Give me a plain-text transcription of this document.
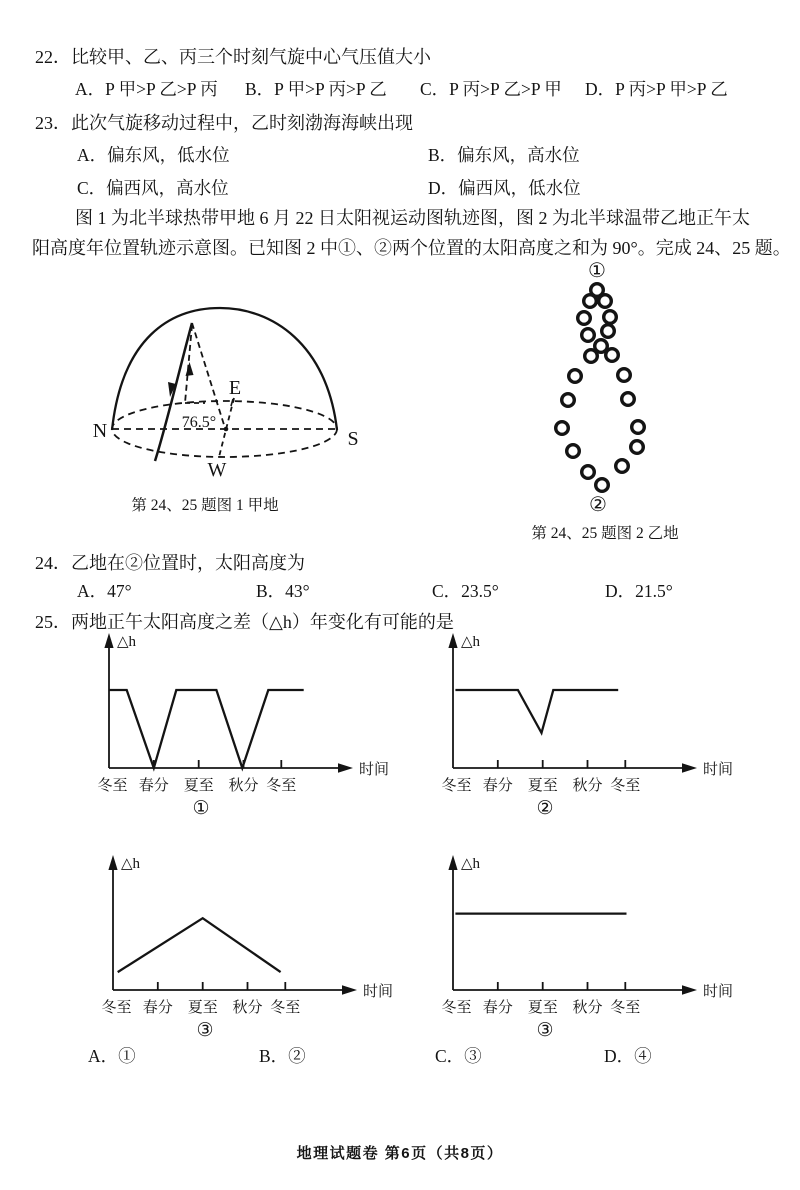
22．比较甲、乙、丙三个时刻气旋中心气压值大小
A．P 甲>P 乙>P 丙 B．P 甲>P 丙>P 乙 C．P 丙>P 乙>P 甲 D．P 丙>P 甲>P 乙
23．此次气旋移动过程中，乙时刻渤海海峡出现
A．偏东风，低水位	B．偏东风，高水位
C．偏西风，高水位	D．偏西风，低水位
图 1 为北半球热带甲地 6 月 22 日太阳视运动图轨迹图，图 2 为北半球温带乙地正午太
阳高度年位置轨迹示意图。已知图 2 中①、②两个位置的太阳高度之和为 90°。完成 24、25 题。
N	S
E
W
76.5°
第 24、25 题图 1 甲地
①
②
第 24、25 题图 2 乙地
24．乙地在②位置时，太阳高度为
A．47°	B．43°	C．23.5°	D．21.5°
25．两地正午太阳高度之差（△h）年变化有可能的是
△h
时间
冬至 春分 夏至 秋分 冬至
①
△h
时间
冬至 春分 夏至 秋分 冬至
②
△h
时间
冬至 春分 夏至 秋分 冬至
③
△h
时间
冬至 春分 夏至 秋分 冬至
③
A．①	B．②	C．③	D．④
地理试题卷 第6页（共8页）
